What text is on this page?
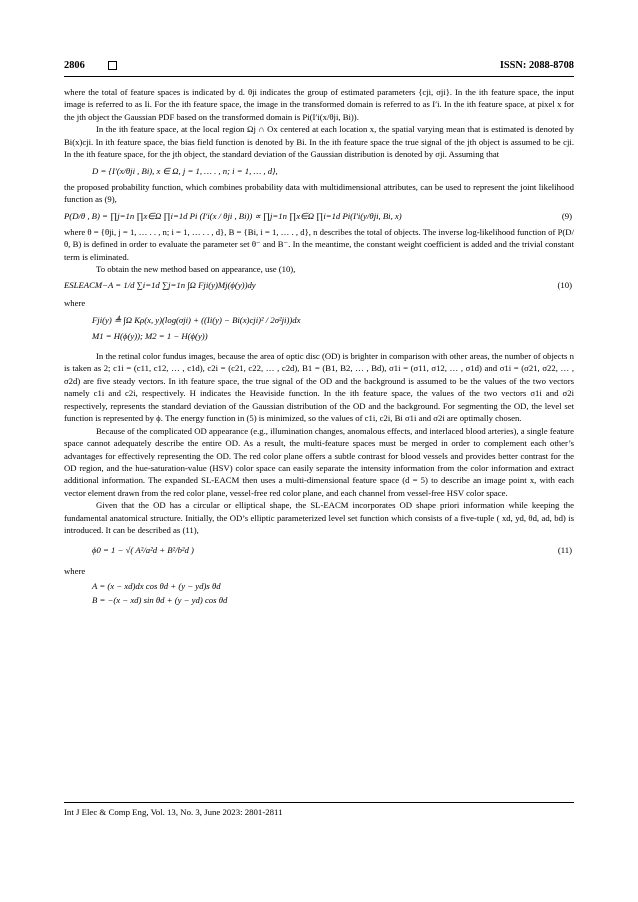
2806	ISSN: 2088-8708

where the total of feature spaces is indicated by d. θji indicates the group of estimated parameters {cji, σji}. In the ith feature space, the input image is referred to as Ii. For the ith feature space, the image in the transformed domain is referred to as I′i. In the ith feature space, at pixel x for the jth object the Gaussian PDF based on the transformed domain is Pi(I′i(x/θji, Bi)).

In the ith feature space, at the local region Ωj ∩ Ox centered at each location x, the spatial varying mean that is estimated is denoted by Bi(x)cji. In ith feature space, the bias field function is denoted by Bi. In the ith feature space the true signal of the jth object is assumed to be cji. In the ith feature space, for the jth object, the standard deviation of the Gaussian distribution is denoted by σji. Assuming that

D = {I′(x/θji , Bi), x ∈ Ω, j = 1, … . , n; i = 1, … , d},

the proposed probability function, which combines probability data with multidimensional attributes, can be used to represent the joint likelihood function as (9),

P(D/θ , B) = ∏j=1n ∏x∈Ω ∏i=1d Pi (I′i(x / θji , Bi)) ∝ ∏j=1n ∏x∈Ω ∏i=1d Pi(I′i(y/θji, Bi, x)	(9)

where θ = {θji, j = 1, … . . , n; i = 1, … . . , d}, B = {Bi, i = 1, … . , d}, n describes the total of objects. The inverse log-likelihood function of P(D/θ, B) is defined in order to evaluate the parameter set θ⁻ and B⁻. In the meantime, the constant weight coefficient is added and the trivial constant term is eliminated.

To obtain the new method based on appearance, use (10),

ESLEACM−A = 1/d ∑i=1d ∑j=1n ∫Ω Fji(y)Mj(ϕ(y))dy	(10)

where

Fji(y) ≜ ∫Ω Kρ(x, y)(log(σji) + ((Ii(y) − Bi(x)cji)² / 2σ²ji))dx
M1 = H(ϕ(y)); M2 = 1 − H(ϕ(y))

In the retinal color fundus images, because the area of optic disc (OD) is brighter in comparison with other areas, the number of objects n is taken as 2; c1i = (c11, c12, … , c1d), c2i = (c21, c22, … , c2d), B1 = (B1, B2, … , Bd), σ1i = (σ11, σ12, … , σ1d) and σ1i = (σ21, σ22, … , σ2d) are five steady vectors. In ith feature space, the true signal of the OD and the background is assumed to be the values of the two vectors namely c1i and c2i, respectively. H indicates the Heaviside function. In the ith feature space, the values of the two vectors σ1i and σ2i respectively, represents the standard deviation of the Gaussian distribution of the OD and the background. For segmenting the OD, the level set function is represented by ϕ. The energy function in (5) is minimized, so the values of c1i, c2i, Bi σ1i and σ2i are optimally chosen.

Because of the complicated OD appearance (e.g., illumination changes, anomalous effects, and interlaced blood arteries), a single feature space cannot adequately describe the entire OD. As a result, the multi-feature spaces must be merged in order to complement each other’s advantages for effectively representing the OD. The red color plane offers a subtle contrast for blood vessels and provides better contrast for the OD region, and the hue-saturation-value (HSV) color space can easily separate the intensity information from the color information and extract additional information. The expanded SL-EACM then uses a multi-dimensional feature space (d = 5) to describe an image point x, with each vector element drawn from the red color plane, vessel-free red color plane, and each channel from vessel-free HSV color space.

Given that the OD has a circular or elliptical shape, the SL-EACM incorporates OD shape priori information while keeping the fundamental anatomical structure. Initially, the OD’s elliptic parameterized level set function which consists of a five-tuple ( xd, yd, θd, ad, bd) is introduced. It can be described as (11),

ϕ0 = 1 − √( A²/a²d + B²/b²d )	(11)

where

A = (x − xd)dx cos θd + (y − yd)s θd
B = −(x − xd) sin θd + (y − yd) cos θd
Int J Elec & Comp Eng, Vol. 13, No. 3, June 2023: 2801-2811
